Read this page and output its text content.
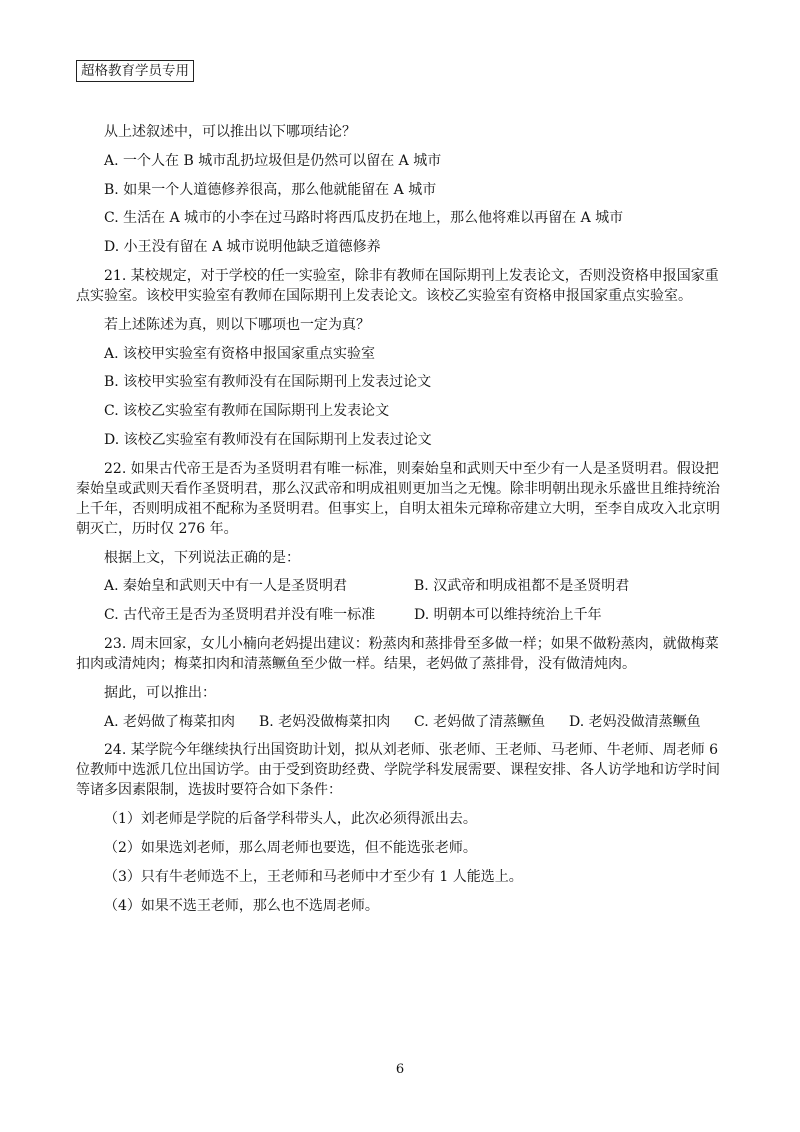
超格教育学员专用
从上述叙述中，可以推出以下哪项结论？
A. 一个人在 B 城市乱扔垃圾但是仍然可以留在 A 城市
B. 如果一个人道德修养很高，那么他就能留在 A 城市
C. 生活在 A 城市的小李在过马路时将西瓜皮扔在地上，那么他将难以再留在 A 城市
D. 小王没有留在 A 城市说明他缺乏道德修养
21. 某校规定，对于学校的任一实验室，除非有教师在国际期刊上发表论文，否则没资格申报国家重点实验室。该校甲实验室有教师在国际期刊上发表论文。该校乙实验室有资格申报国家重点实验室。
若上述陈述为真，则以下哪项也一定为真？
A. 该校甲实验室有资格申报国家重点实验室
B. 该校甲实验室有教师没有在国际期刊上发表过论文
C. 该校乙实验室有教师在国际期刊上发表论文
D. 该校乙实验室有教师没有在国际期刊上发表过论文
22. 如果古代帝王是否为圣贤明君有唯一标准，则秦始皇和武则天中至少有一人是圣贤明君。假设把秦始皇或武则天看作圣贤明君，那么汉武帝和明成祖则更加当之无愧。除非明朝出现永乐盛世且维持统治上千年，否则明成祖不配称为圣贤明君。但事实上，自明太祖朱元璋称帝建立大明，至李自成攻入北京明朝灭亡，历时仅 276 年。
根据上文，下列说法正确的是：
A. 秦始皇和武则天中有一人是圣贤明君	B. 汉武帝和明成祖都不是圣贤明君
C. 古代帝王是否为圣贤明君并没有唯一标准	D. 明朝本可以维持统治上千年
23. 周末回家，女儿小楠向老妈提出建议：粉蒸肉和蒸排骨至多做一样；如果不做粉蒸肉，就做梅菜扣肉或清炖肉；梅菜扣肉和清蒸鳜鱼至少做一样。结果，老妈做了蒸排骨，没有做清炖肉。
据此，可以推出：
A. 老妈做了梅菜扣肉	B. 老妈没做梅菜扣肉	C. 老妈做了清蒸鳜鱼	D. 老妈没做清蒸鳜鱼
24. 某学院今年继续执行出国资助计划，拟从刘老师、张老师、王老师、马老师、牛老师、周老师 6 位教师中选派几位出国访学。由于受到资助经费、学院学科发展需要、课程安排、各人访学地和访学时间等诸多因素限制，选拔时要符合如下条件：
（1）刘老师是学院的后备学科带头人，此次必须得派出去。
（2）如果选刘老师，那么周老师也要选，但不能选张老师。
（3）只有牛老师选不上，王老师和马老师中才至少有 1 人能选上。
（4）如果不选王老师，那么也不选周老师。
6
